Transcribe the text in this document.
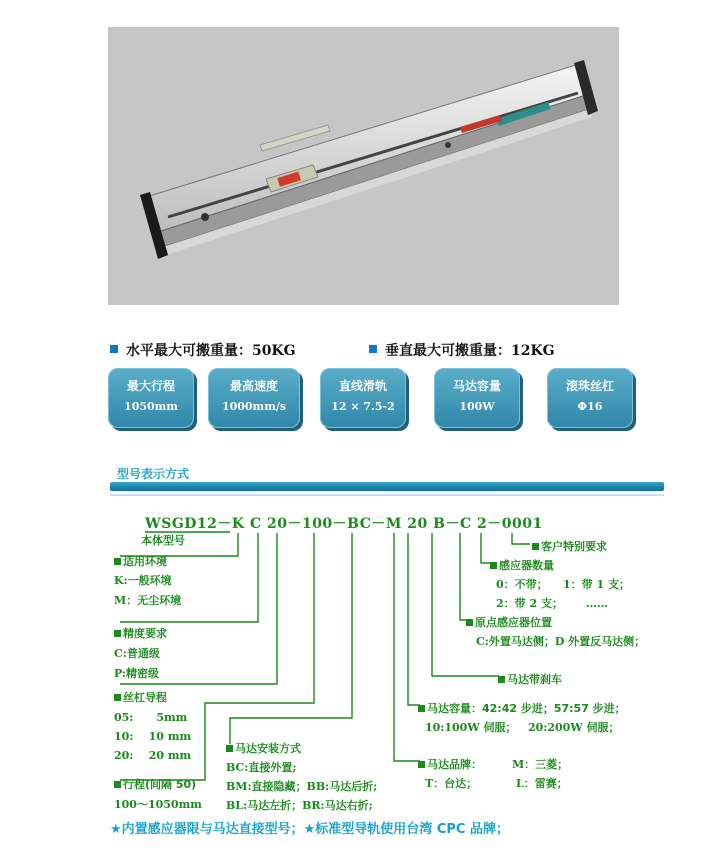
水平最大可搬重量：50KG	垂直最大可搬重量：12KG
最大行程
1050mm
最高速度
1000mm/s
直线滑轨
12 × 7.5-2
马达容量
100W
滚珠丝杠
Φ16
型号表示方式
WSGD12－K C 20－100－BC－M 20 B－C 2－0001
本体型号
适用环境
K:一般环境
M：无尘环境
精度要求
C:普通级
P:精密级
丝杠导程
05:      5mm
10:    10 mm
20:    20 mm
行程(间隔 50)
100～1050mm
马达安装方式
BC:直接外置;
BM:直接隐藏；BB:马达后折;
BL:马达左折；BR:马达右折;
马达品牌：	M：三菱；
T：台达；	L：雷赛；
马达容量：42:42 步进；57:57 步进；
10:100W 伺服；   20:200W 伺服；
马达带刹车
原点感应器位置
C:外置马达侧；D 外置反马达侧；
感应器数量
0：不带；    1：带 1 支；
2：带 2 支；      ……
客户特别要求
★内置感应器限与马达直接型号；★标准型导轨使用台湾 CPC 品牌；
